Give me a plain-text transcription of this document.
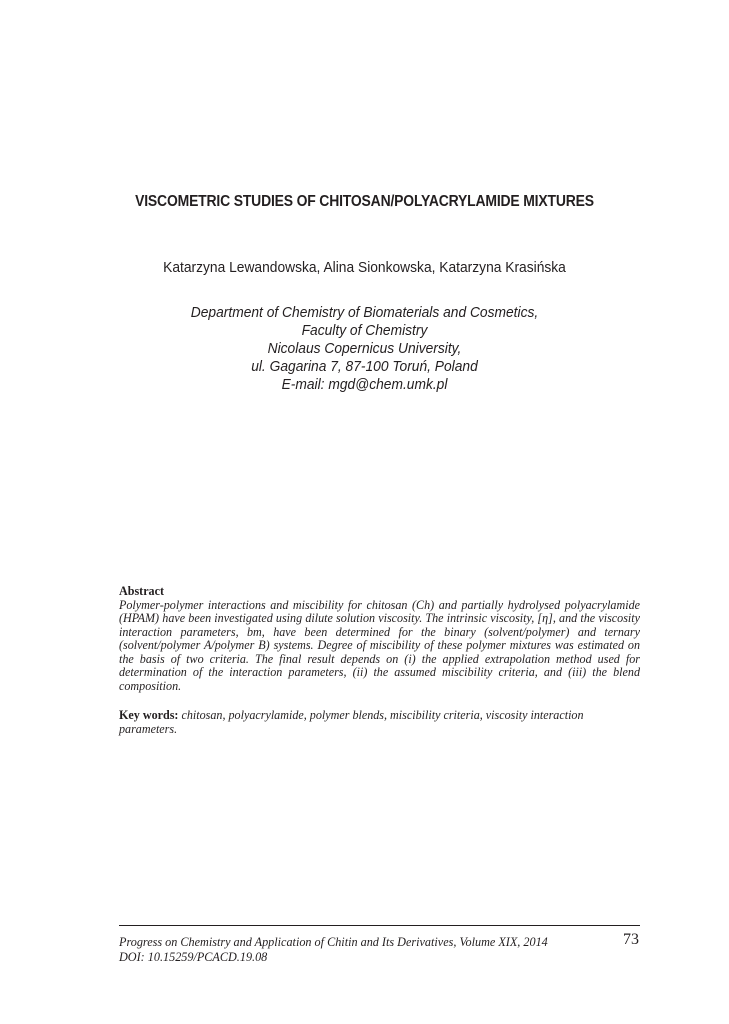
VISCOMETRIC STUDIES OF CHITOSAN/POLYACRYLAMIDE MIXTURES
Katarzyna Lewandowska, Alina Sionkowska, Katarzyna Krasińska
Department of Chemistry of Biomaterials and Cosmetics,
Faculty of Chemistry
Nicolaus Copernicus University,
ul. Gagarina 7, 87-100 Toruń, Poland
E-mail: mgd@chem.umk.pl
Abstract
Polymer-polymer interactions and miscibility for chitosan (Ch) and partially hydrolysed polyacrylamide (HPAM) have been investigated using dilute solution viscosity. The intrinsic viscosity, [η], and the viscosity interaction parameters, bm, have been determined for the binary (solvent/polymer) and ternary (solvent/polymer A/polymer B) systems. Degree of miscibility of these polymer mixtures was estimated on the basis of two criteria. The final result depends on (i) the applied extrapolation method used for determination of the interaction parameters, (ii) the assumed miscibility criteria, and (iii) the blend composition.
Key words: chitosan, polyacrylamide, polymer blends, miscibility criteria, viscosity interaction parameters.
Progress on Chemistry and Application of Chitin and Its Derivatives, Volume XIX, 2014
DOI: 10.15259/PCACD.19.08
73
